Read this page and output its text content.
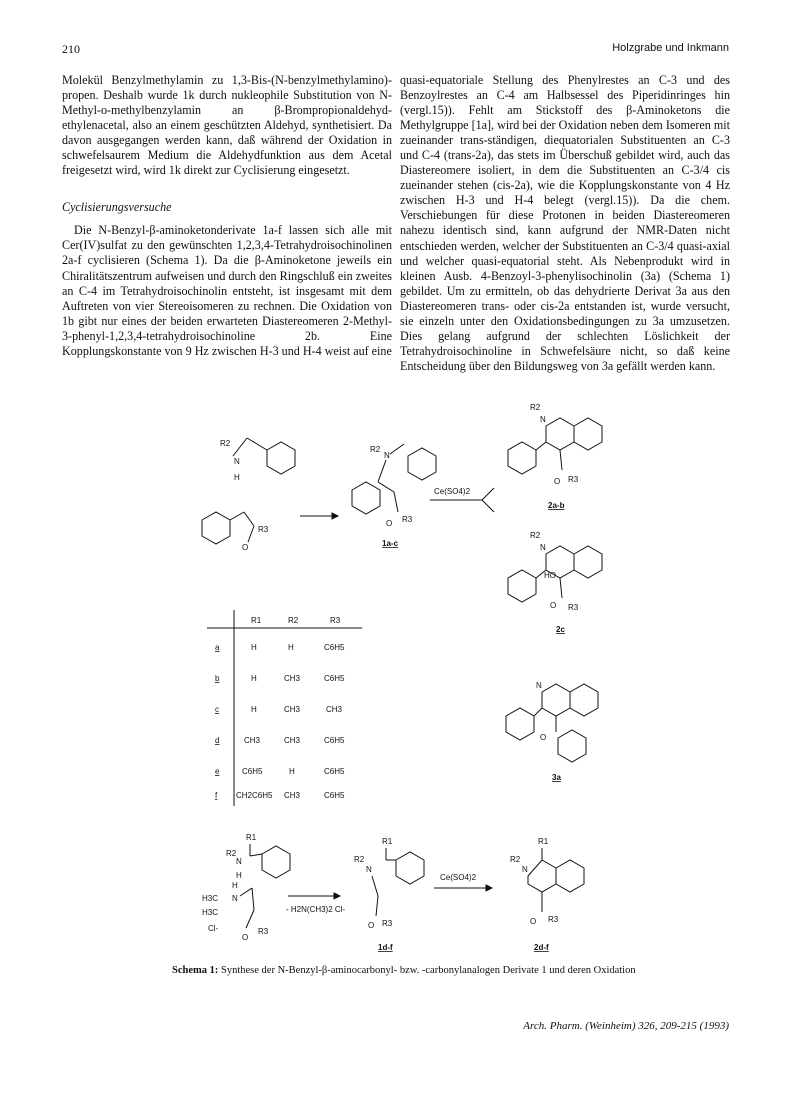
210	Holzgrabe und Inkmann

Molekül Benzylmethylamin zu 1,3-Bis-(N-benzylmethylamino)-propen. Deshalb wurde 1k durch nukleophile Substitution von N-Methyl-o-methylbenzylamin an β-Brompropionaldehyd-ethylenacetal, also an einem geschützten Aldehyd, synthetisiert. Da davon ausgegangen werden kann, daß während der Oxidation in schwefelsaurem Medium die Aldehydfunktion aus dem Acetal freigesetzt wird, wird 1k direkt zur Cyclisierung eingesetzt.

Cyclisierungsversuche

Die N-Benzyl-β-aminoketonderivate 1a-f lassen sich alle mit Cer(IV)sulfat zu den gewünschten 1,2,3,4-Tetrahydroisochinolinen 2a-f cyclisieren (Schema 1). Da die β-Aminoketone jeweils ein Chiralitätszentrum aufweisen und durch den Ringschluß ein zweites an C-4 im Tetrahydroisochinolin entsteht, ist insgesamt mit dem Auftreten von vier Stereoisomeren zu rechnen. Die Oxidation von 1b gibt nur eines der beiden erwarteten Diastereomeren 2-Methyl-3-phenyl-1,2,3,4-tetrahydroisochinoline 2b. Eine Kopplungskonstante von 9 Hz zwischen H-3 und H-4 weist auf eine

quasi-equatoriale Stellung des Phenylrestes an C-3 und des Benzoylrestes an C-4 am Halbsessel des Piperidinringes hin (vergl.15)). Fehlt am Stickstoff des β-Aminoketons die Methylgruppe [1a], wird bei der Oxidation neben dem Isomeren mit zueinander trans-ständigen, diequatorialen Substituenten an C-3 und C-4 (trans-2a), das stets im Überschuß gebildet wird, auch das Diastereomere isoliert, in dem die Substituenten an C-3/4 cis zueinander stehen (cis-2a), wie die Kopplungskonstante von 4 Hz zwischen H-3 und H-4 belegt (vergl.15)). Da die chem. Verschiebungen für diese Protonen in beiden Diastereomeren nahezu identisch sind, kann aufgrund der NMR-Daten nicht entschieden werden, welcher der Substituenten an C-3/4 quasi-axial und welcher quasi-equatorial steht. Als Nebenprodukt wird in kleinen Ausb. 4-Benzoyl-3-phenylisochinolin (3a) (Schema 1) gebildet. Um zu ermitteln, ob das dehydrierte Derivat 3a aus den Diastereomeren trans- oder cis-2a entstanden ist, wurde versucht, sie einzeln unter den Oxidationsbedingungen zu 3a umzusetzen. Dies gelang aufgrund der schlechten Löslichkeit der Tetrahydroisochinoline in Schwefelsäure nicht, so daß keine Entscheidung über den Bildungsweg von 3a gefällt werden kann.

R2
N
H
O
R3
R2
N
O R3
1a-c
Ce(SO4)2
R2
N
O R3
2a-b
R2
N
HO
O R3
2c
R1	R2	R3
a	H	H	C6H5
b	H	CH3	C6H5
c	H	CH3	CH3
d	CH3	CH3	C6H5
e	C6H5	H	C6H5
f CH2C6H5 CH3	C6H5
N
O
3a
R1
R2
N
H
H
H3C N
H3C
Cl-
O
R3
- H2N(CH3)2 Cl-
R1
R2
N
O R3
1d-f
Ce(SO4)2
R1
R2
N
O R3
2d-f
Schema 1: Synthese der N-Benzyl-β-aminocarbonyl- bzw. -carbonylanalogen Derivate 1 und deren Oxidation
Arch. Pharm. (Weinheim) 326, 209-215 (1993)
